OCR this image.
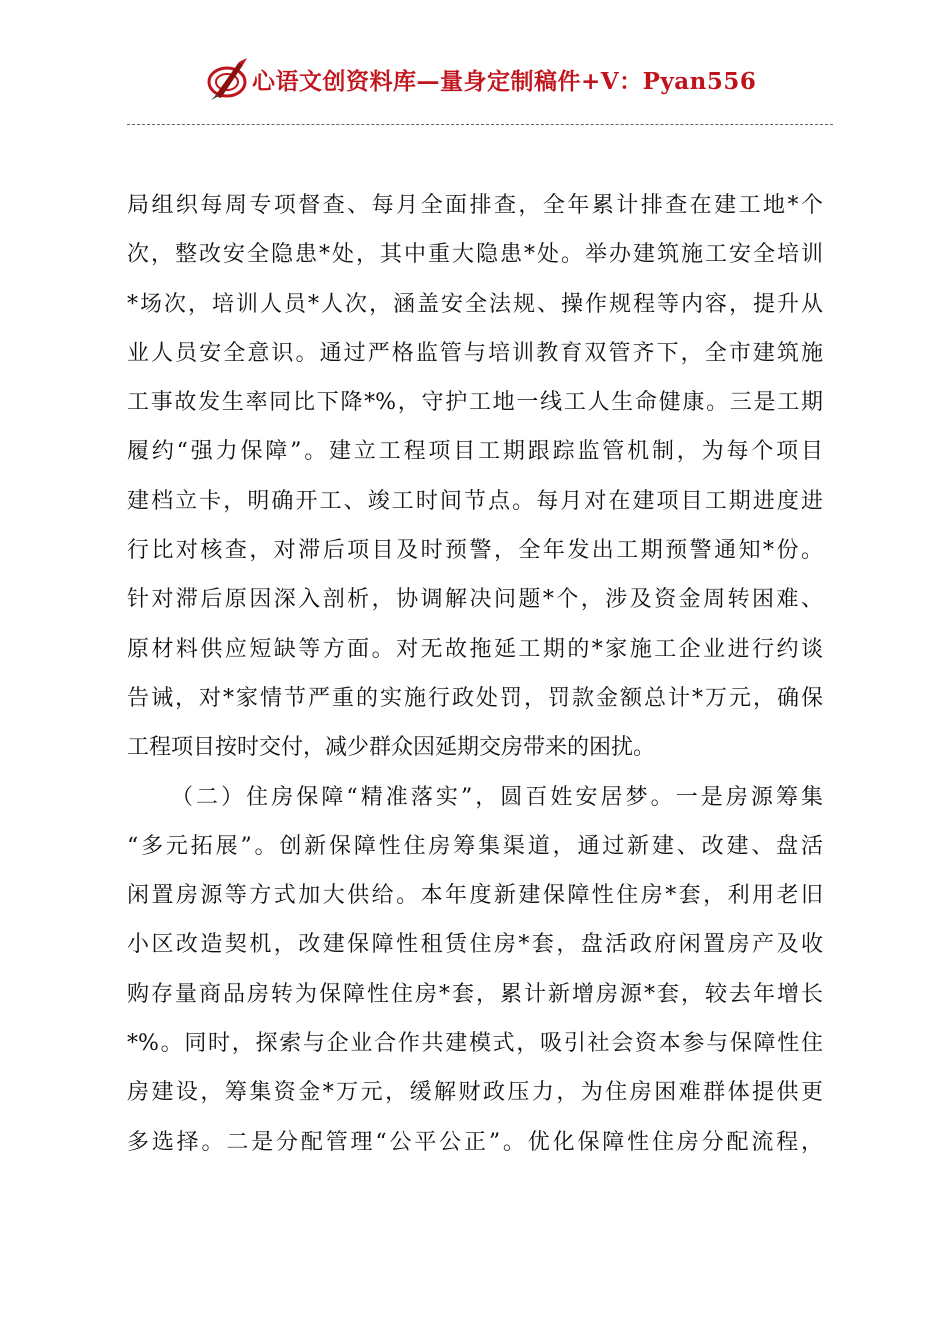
心语文创资料库—量身定制稿件+V：Pyan556
局组织每周专项督查、每月全面排查，全年累计排查在建工地*个
次，整改安全隐患*处，其中重大隐患*处。举办建筑施工安全培训
*场次，培训人员*人次，涵盖安全法规、操作规程等内容，提升从
业人员安全意识。通过严格监管与培训教育双管齐下，全市建筑施
工事故发生率同比下降*%，守护工地一线工人生命健康。三是工期
履约“强力保障”。建立工程项目工期跟踪监管机制，为每个项目
建档立卡，明确开工、竣工时间节点。每月对在建项目工期进度进
行比对核查，对滞后项目及时预警，全年发出工期预警通知*份。
针对滞后原因深入剖析，协调解决问题*个，涉及资金周转困难、
原材料供应短缺等方面。对无故拖延工期的*家施工企业进行约谈
告诫，对*家情节严重的实施行政处罚，罚款金额总计*万元，确保
工程项目按时交付，减少群众因延期交房带来的困扰。
（二）住房保障“精准落实”，圆百姓安居梦。一是房源筹集
“多元拓展”。创新保障性住房筹集渠道，通过新建、改建、盘活
闲置房源等方式加大供给。本年度新建保障性住房*套，利用老旧
小区改造契机，改建保障性租赁住房*套，盘活政府闲置房产及收
购存量商品房转为保障性住房*套，累计新增房源*套，较去年增长
*%。同时，探索与企业合作共建模式，吸引社会资本参与保障性住
房建设，筹集资金*万元，缓解财政压力，为住房困难群体提供更
多选择。二是分配管理“公平公正”。优化保障性住房分配流程，
